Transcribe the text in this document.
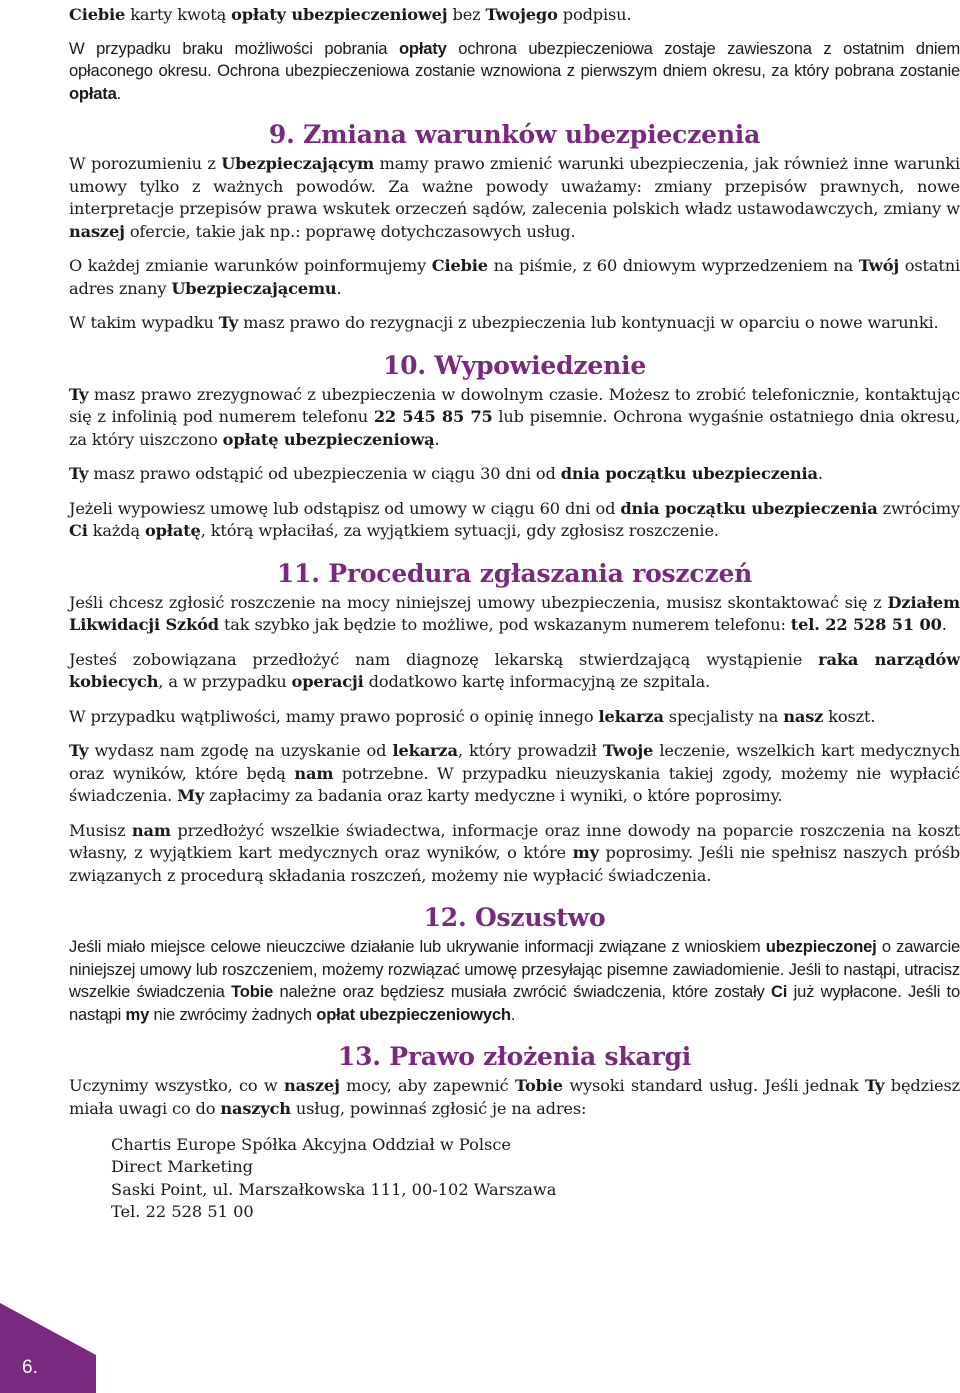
Ciebie karty kwotą opłaty ubezpieczeniowej bez Twojego podpisu.

W przypadku braku możliwości pobrania opłaty ochrona ubezpieczeniowa zostaje zawieszona z ostatnim dniem opłaconego okresu. Ochrona ubezpieczeniowa zostanie wznowiona z pierwszym dniem okresu, za który pobrana zostanie opłata.

9. Zmiana warunków ubezpieczenia

W porozumieniu z Ubezpieczającym mamy prawo zmienić warunki ubezpieczenia, jak również inne warunki umowy tylko z ważnych powodów. Za ważne powody uważamy: zmiany przepisów prawnych, nowe interpretacje przepisów prawa wskutek orzeczeń sądów, zalecenia polskich władz ustawodawczych, zmiany w naszej ofercie, takie jak np.: poprawę dotychczasowych usług.

O każdej zmianie warunków poinformujemy Ciebie na piśmie, z 60 dniowym wyprzedzeniem na Twój ostatni adres znany Ubezpieczającemu.

W takim wypadku Ty masz prawo do rezygnacji z ubezpieczenia lub kontynuacji w oparciu o nowe warunki.

10. Wypowiedzenie

Ty masz prawo zrezygnować z ubezpieczenia w dowolnym czasie. Możesz to zrobić telefonicznie, kontaktując się z infolinią pod numerem telefonu 22 545 85 75 lub pisemnie. Ochrona wygaśnie ostatniego dnia okresu, za który uiszczono opłatę ubezpieczeniową.

Ty masz prawo odstąpić od ubezpieczenia w ciągu 30 dni od dnia początku ubezpieczenia.

Jeżeli wypowiesz umowę lub odstąpisz od umowy w ciągu 60 dni od dnia początku ubezpieczenia zwrócimy Ci każdą opłatę, którą wpłaciłaś, za wyjątkiem sytuacji, gdy zgłosisz roszczenie.

11. Procedura zgłaszania roszczeń

Jeśli chcesz zgłosić roszczenie na mocy niniejszej umowy ubezpieczenia, musisz skontaktować się z Działem Likwidacji Szkód tak szybko jak będzie to możliwe, pod wskazanym numerem telefonu: tel. 22 528 51 00.

Jesteś zobowiązana przedłożyć nam diagnozę lekarską stwierdzającą wystąpienie raka narządów kobiecych, a w przypadku operacji dodatkowo kartę informacyjną ze szpitala.

W przypadku wątpliwości, mamy prawo poprosić o opinię innego lekarza specjalisty na nasz koszt.

Ty wydasz nam zgodę na uzyskanie od lekarza, który prowadził Twoje leczenie, wszelkich kart medycznych oraz wyników, które będą nam potrzebne. W przypadku nieuzyskania takiej zgody, możemy nie wypłacić świadczenia. My zapłacimy za badania oraz karty medyczne i wyniki, o które poprosimy.

Musisz nam przedłożyć wszelkie świadectwa, informacje oraz inne dowody na poparcie roszczenia na koszt własny, z wyjątkiem kart medycznych oraz wyników, o które my poprosimy. Jeśli nie spełnisz naszych próśb związanych z procedurą składania roszczeń, możemy nie wypłacić świadczenia.

12. Oszustwo

Jeśli miało miejsce celowe nieuczciwe działanie lub ukrywanie informacji związane z wnioskiem ubezpieczonej o zawarcie niniejszej umowy lub roszczeniem, możemy rozwiązać umowę przesyłając pisemne zawiadomienie. Jeśli to nastąpi, utracisz wszelkie świadczenia Tobie należne oraz będziesz musiała zwrócić świadczenia, które zostały Ci już wypłacone. Jeśli to nastąpi my nie zwrócimy żadnych opłat ubezpieczeniowych.

13. Prawo złożenia skargi

Uczynimy wszystko, co w naszej mocy, aby zapewnić Tobie wysoki standard usług. Jeśli jednak Ty będziesz miała uwagi co do naszych usług, powinnaś zgłosić je na adres:

Chartis Europe Spółka Akcyjna Oddział w Polsce
Direct Marketing
Saski Point, ul. Marszałkowska 111, 00-102 Warszawa
Tel. 22 528 51 00
6.
